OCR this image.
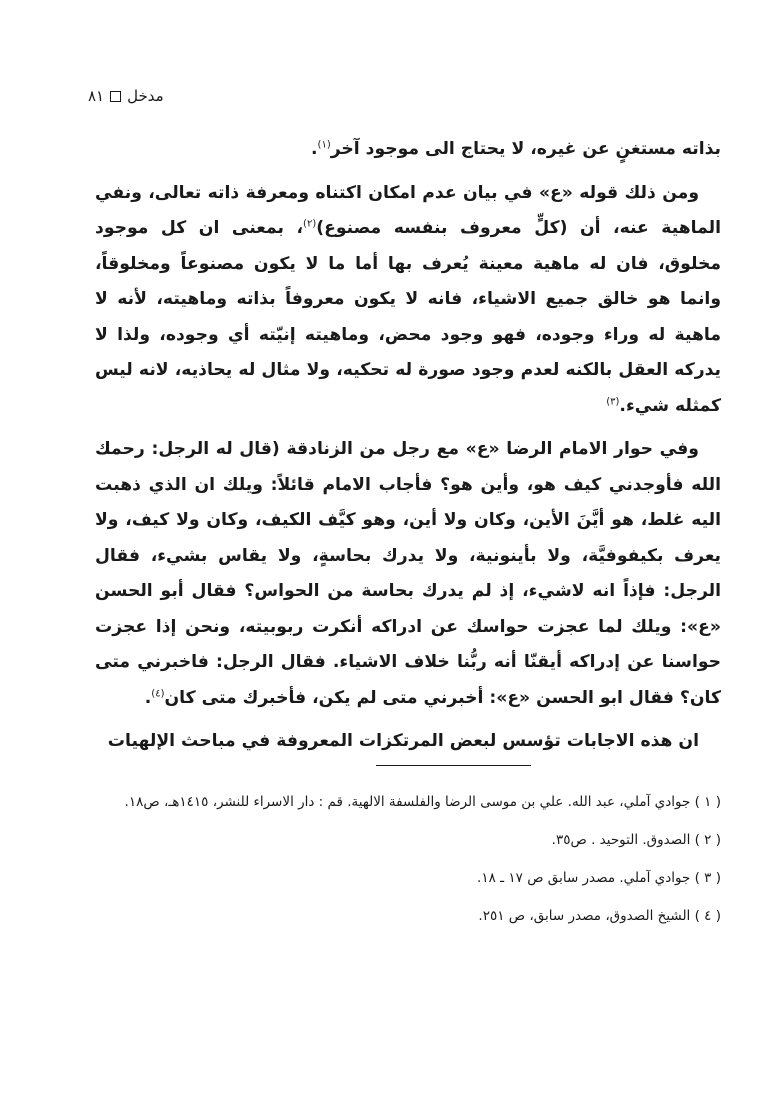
مدخل
٨١

بذاته مستغنٍ عن غيره، لا يحتاج الى موجود آخر$^{(١)}$.

ومن ذلك قوله «ع» في بيان عدم امكان اكتناه ومعرفة ذاته تعالى، ونفي الماهية عنه، أن (كلٍّ معروف بنفسه مصنوع)$^{(٢)}$، بمعنى ان كل موجود مخلوق، فان له ماهية معينة يُعرف بها أما ما لا يكون مصنوعاً ومخلوقاً، وانما هو خالق جميع الاشياء، فانه لا يكون معروفاً بذاته وماهيته، لأنه لا ماهية له وراء وجوده، فهو وجود محض، وماهيته إنيّته أي وجوده، ولذا لا يدركه العقل بالكنه لعدم وجود صورة له تحكيه، ولا مثال له يحاذيه، لانه ليس كمثله شيء.$^{(٣)}$

وفي حوار الامام الرضا «ع» مع رجل من الزنادقة (قال له الرجل: رحمك الله فأوجدني كيف هو، وأين هو؟ فأجاب الامام قائلاً: ويلك ان الذي ذهبت اليه غلط، هو أيَّنَ الأين، وكان ولا أين، وهو كيَّف الكيف، وكان ولا كيف، ولا يعرف بكيفوفيَّة، ولا بأينونية، ولا يدرك بحاسةٍ، ولا يقاس بشيء، فقال الرجل: فإذاً انه لاشيء، إذ لم يدرك بحاسة من الحواس؟ فقال أبو الحسن «ع»: ويلك لما عجزت حواسك عن ادراكه أنكرت ربوبيته، ونحن إذا عجزت حواسنا عن إدراكه أيقنّا أنه ربُّنا خلاف الاشياء. فقال الرجل: فاخبرني متى كان؟ فقال ابو الحسن «ع»: أخبرني متى لم يكن، فأخبرك متى كان$^{(٤)}$.

ان هذه الاجابات تؤسس لبعض المرتكزات المعروفة في مباحث الإلهيات

( ١ ) جوادي آملي، عبد الله. علي بن موسى الرضا والفلسفة الالهية. قم : دار الاسراء للنشر، ١٤١٥هـ، ص١٨.
( ٢ ) الصدوق. التوحيد . ص٣٥.
( ٣ ) جوادي آملي. مصدر سابق ص ١٧ ـ ١٨.
( ٤ ) الشيخ الصدوق، مصدر سابق، ص ٢٥١.
